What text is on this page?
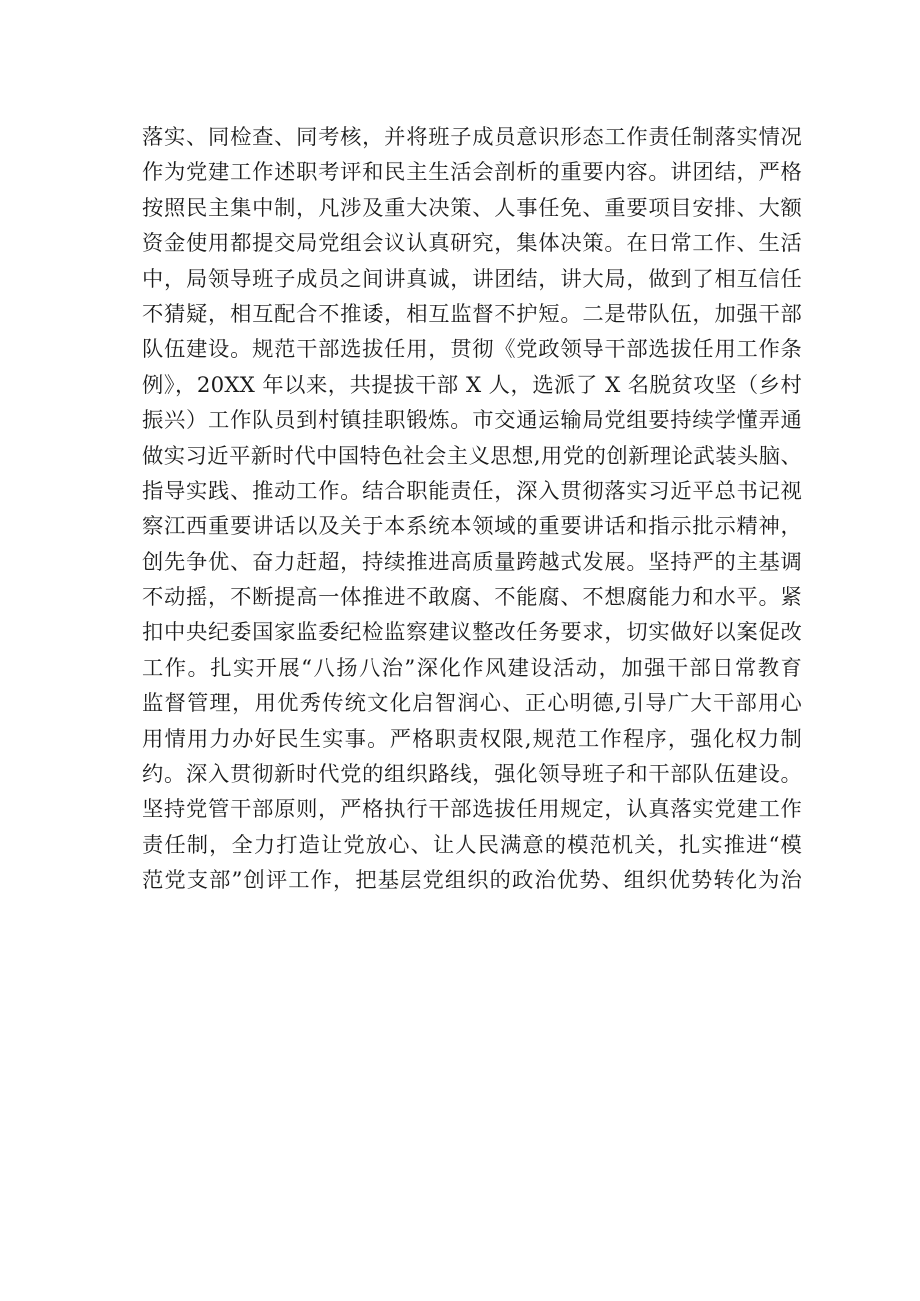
落实、同检查、同考核，并将班子成员意识形态工作责任制落实情况
作为党建工作述职考评和民主生活会剖析的重要内容。讲团结，严格
按照民主集中制，凡涉及重大决策、人事任免、重要项目安排、大额
资金使用都提交局党组会议认真研究，集体决策。在日常工作、生活
中，局领导班子成员之间讲真诚，讲团结，讲大局，做到了相互信任
不猜疑，相互配合不推诿，相互监督不护短。二是带队伍，加强干部
队伍建设。规范干部选拔任用，贯彻《党政领导干部选拔任用工作条
例》，20XX 年以来，共提拔干部 X 人，选派了 X 名脱贫攻坚（乡村
振兴）工作队员到村镇挂职锻炼。市交通运输局党组要持续学懂弄通
做实习近平新时代中国特色社会主义思想,用党的创新理论武装头脑、
指导实践、推动工作。结合职能责任，深入贯彻落实习近平总书记视
察江西重要讲话以及关于本系统本领域的重要讲话和指示批示精神，
创先争优、奋力赶超，持续推进高质量跨越式发展。坚持严的主基调
不动摇，不断提高一体推进不敢腐、不能腐、不想腐能力和水平。紧
扣中央纪委国家监委纪检监察建议整改任务要求，切实做好以案促改
工作。扎实开展“八扬八治”深化作风建设活动，加强干部日常教育
监督管理，用优秀传统文化启智润心、正心明德,引导广大干部用心
用情用力办好民生实事。严格职责权限,规范工作程序，强化权力制
约。深入贯彻新时代党的组织路线，强化领导班子和干部队伍建设。
坚持党管干部原则，严格执行干部选拔任用规定，认真落实党建工作
责任制，全力打造让党放心、让人民满意的模范机关，扎实推进“模
范党支部”创评工作，把基层党组织的政治优势、组织优势转化为治
